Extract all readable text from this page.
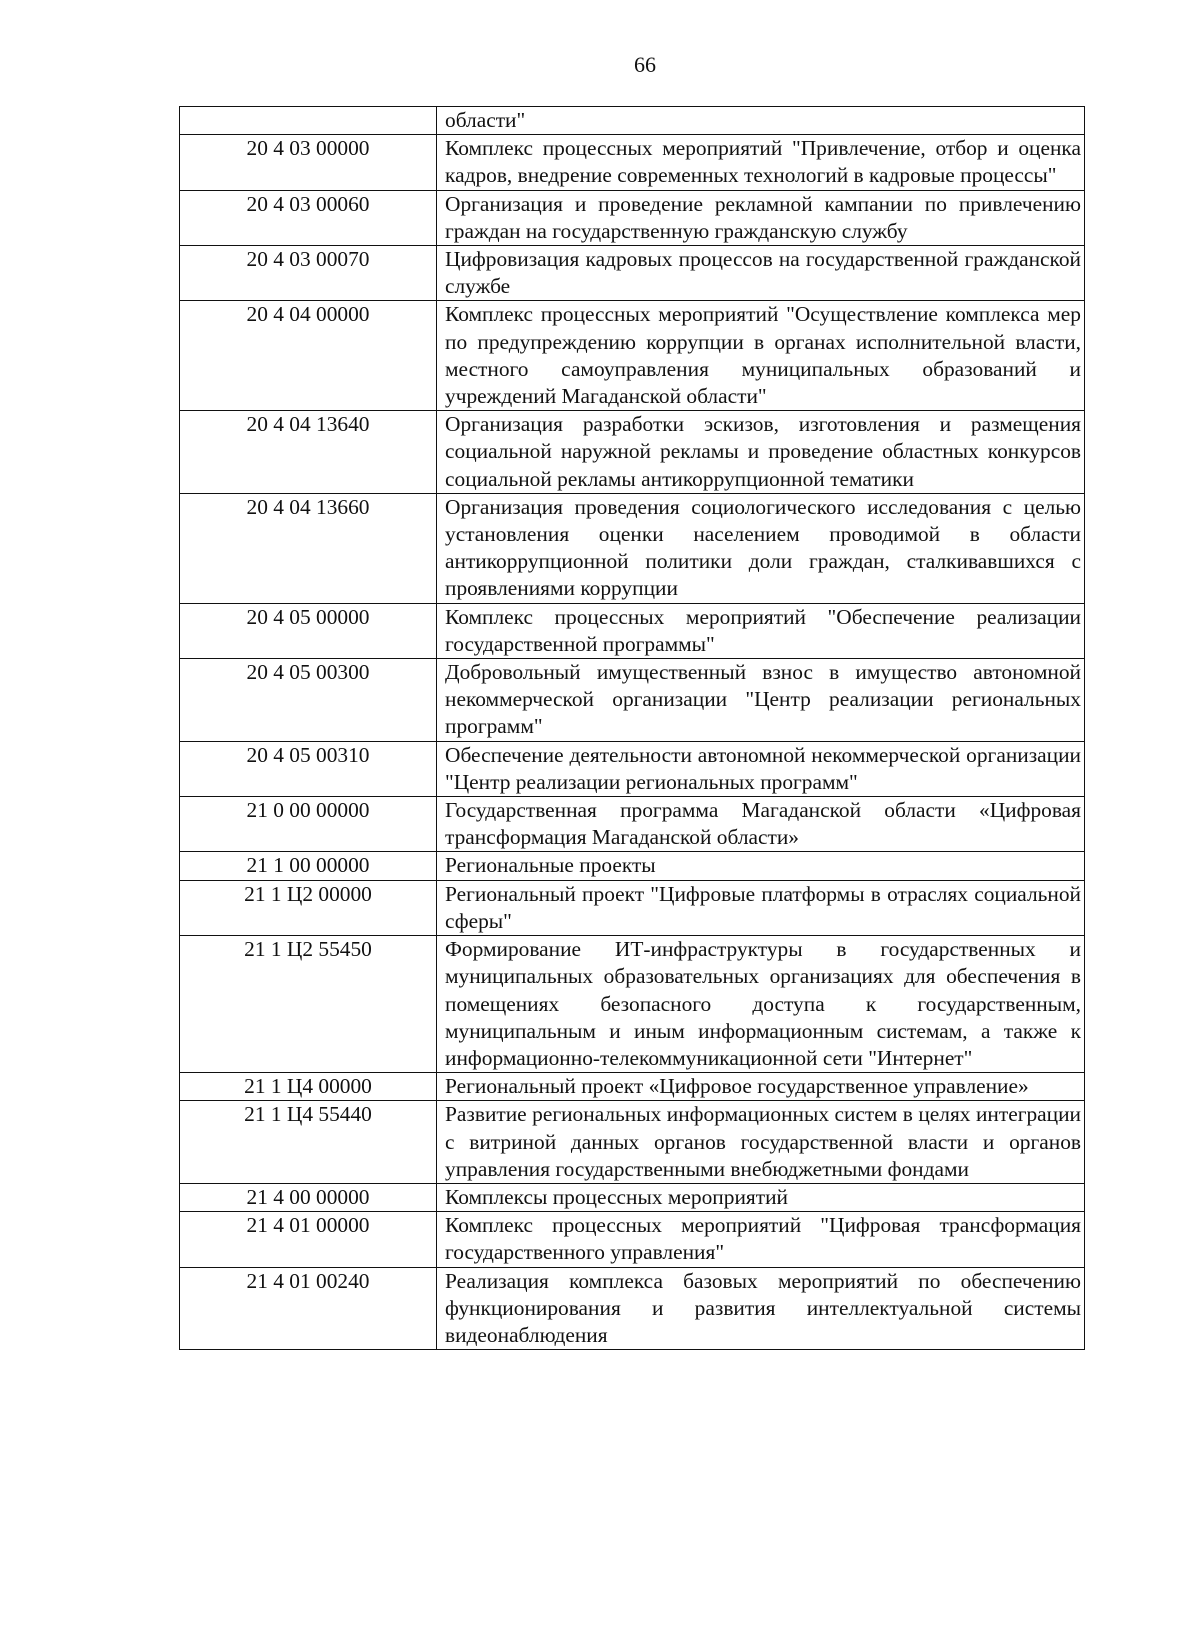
66
	области"
20 4 03 00000	Комплекс процессных мероприятий "Привлечение, отбор и оценка кадров, внедрение современных технологий в кадровые процессы"
20 4 03 00060	Организация и проведение рекламной кампании по привлечению граждан на государственную гражданскую службу
20 4 03 00070	Цифровизация кадровых процессов на государственной гражданской службе
20 4 04 00000	Комплекс процессных мероприятий "Осуществление комплекса мер по предупреждению коррупции в органах исполнительной власти, местного самоуправления муниципальных образований и учреждений Магаданской области"
20 4 04 13640	Организация разработки эскизов, изготовления и размещения социальной наружной рекламы и проведение областных конкурсов социальной рекламы антикоррупционной тематики
20 4 04 13660	Организация проведения социологического исследования с целью установления оценки населением проводимой в области антикоррупционной политики доли граждан, сталкивавшихся с проявлениями коррупции
20 4 05 00000	Комплекс процессных мероприятий "Обеспечение реализации государственной программы"
20 4 05 00300	Добровольный имущественный взнос в имущество автономной некоммерческой организации "Центр реализации региональных программ"
20 4 05 00310	Обеспечение деятельности автономной некоммерческой организации "Центр реализации региональных программ"
21 0 00 00000	Государственная программа Магаданской области «Цифровая трансформация Магаданской области»
21 1 00 00000	Региональные проекты
21 1 Ц2 00000	Региональный проект "Цифровые платформы в отраслях социальной сферы"
21 1 Ц2 55450	Формирование ИТ-инфраструктуры в государственных и муниципальных образовательных организациях для обеспечения в помещениях безопасного доступа к государственным, муниципальным и иным информационным системам, а также к информационно-телекоммуникационной сети "Интернет"
21 1 Ц4 00000	Региональный проект «Цифровое государственное управление»
21 1 Ц4 55440	Развитие региональных информационных систем в целях интеграции с витриной данных органов государственной власти и органов управления государственными внебюджетными фондами
21 4 00 00000	Комплексы процессных мероприятий
21 4 01 00000	Комплекс процессных мероприятий "Цифровая трансформация государственного управления"
21 4 01 00240	Реализация комплекса базовых мероприятий по обеспечению функционирования и развития интеллектуальной системы видеонаблюдения
